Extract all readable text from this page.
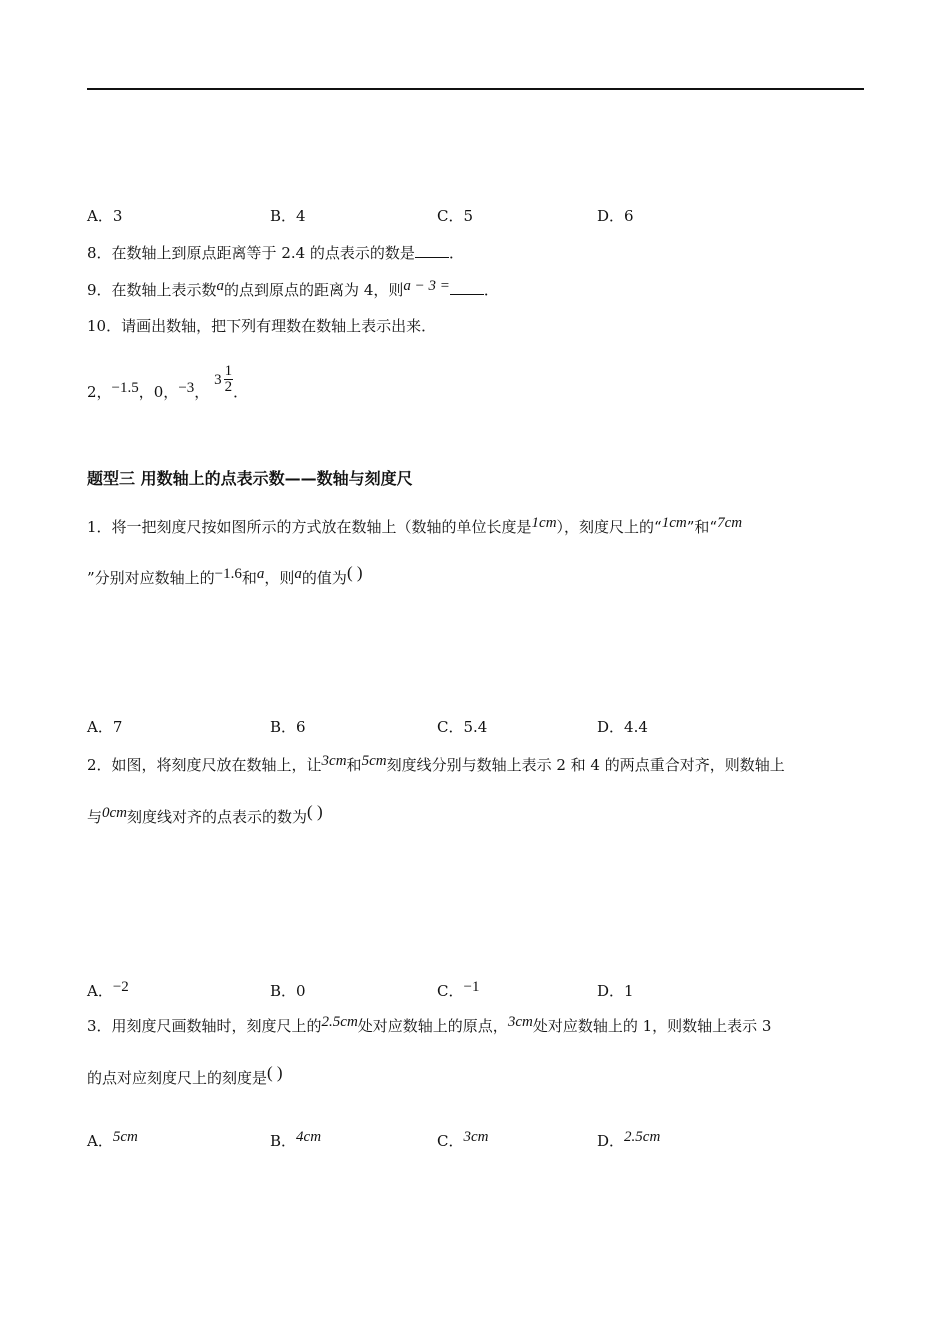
A．3	B．4	C．5	D．6
8．在数轴上到原点距离等于 2.4 的点表示的数是 ．
9．在数轴上表示数a的点到原点的距离为 4，则a − 3 = ．
10．请画出数轴，把下列有理数在数轴上表示出来．
2，−1.5，0，−3， $3 \frac{1}{2}$ ．
题型三 用数轴上的点表示数——数轴与刻度尺
1．将一把刻度尺按如图所示的方式放在数轴上（数轴的单位长度是1cm），刻度尺上的“1cm”和“7cm
”分别对应数轴上的−1.6和a，则a的值为( )
A．7	B．6	C．5.4	D．4.4
2．如图，将刻度尺放在数轴上，让3cm和5cm刻度线分别与数轴上表示 2 和 4 的两点重合对齐，则数轴上
与0cm刻度线对齐的点表示的数为( )
A．−2	B．0	C．−1	D．1
3．用刻度尺画数轴时，刻度尺上的2.5cm处对应数轴上的原点，3cm处对应数轴上的 1，则数轴上表示 3
的点对应刻度尺上的刻度是( )
A．5cm	B．4cm	C．3cm	D．2.5cm
